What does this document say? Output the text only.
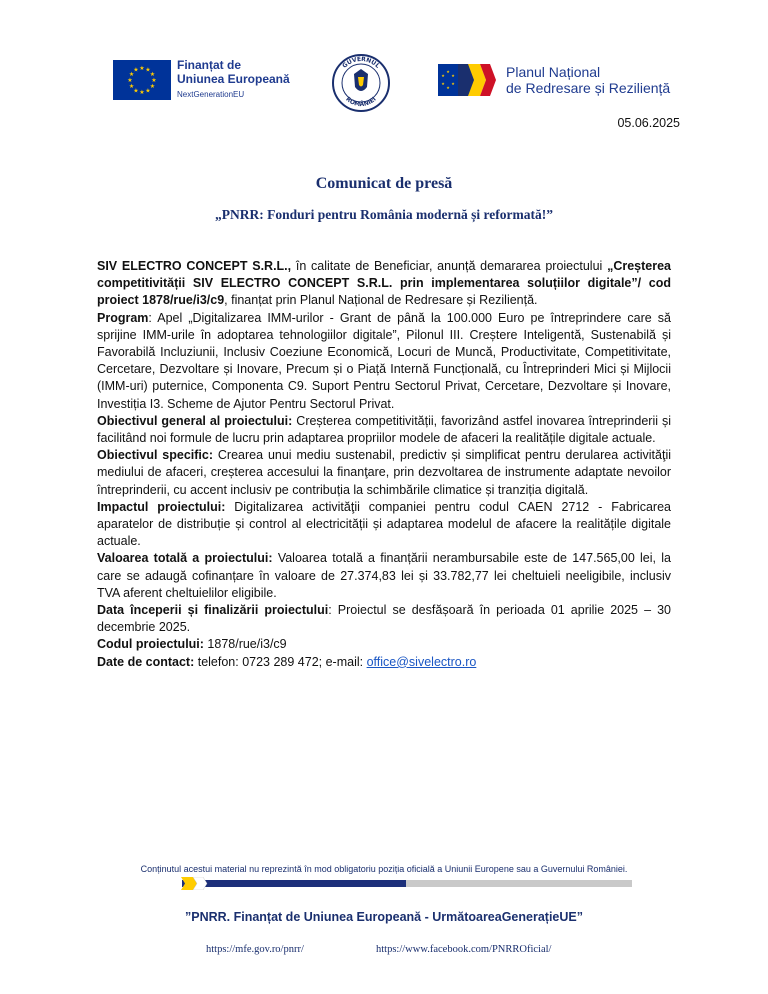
★ ★
★
★
★
★
★
★
★
★
★
★	Finanțat de
Uniunea Europeană
NextGenerationEU
GUVERNUL
ROMÂNIEI
★
★
★
★
★
★	Planul Național
de Redresare și Reziliență
05.06.2025
Comunicat de presă
„PNRR: Fonduri pentru România modernă și reformată!”

SIV ELECTRO CONCEPT S.R.L., în calitate de Beneficiar, anunță demararea proiectului „Creșterea competitivității SIV ELECTRO CONCEPT S.R.L. prin implementarea soluțiilor digitale”/ cod proiect 1878/rue/i3/c9, finanțat prin Planul Național de Redresare și Reziliență.

Program: Apel „Digitalizarea IMM-urilor - Grant de până la 100.000 Euro pe întreprindere care să sprijine IMM-urile în adoptarea tehnologiilor digitale”, Pilonul III. Creștere Inteligentă, Sustenabilă și Favorabilă Incluziunii, Inclusiv Coeziune Economică, Locuri de Muncă, Productivitate, Competitivitate, Cercetare, Dezvoltare și Inovare, Precum și o Piață Internă Funcțională, cu Întreprinderi Mici și Mijlocii (IMM-uri) puternice, Componenta C9. Suport Pentru Sectorul Privat, Cercetare, Dezvoltare și Inovare, Investiția I3. Scheme de Ajutor Pentru Sectorul Privat.

Obiectivul general al proiectului: Creșterea competitivității, favorizând astfel inovarea întreprinderii și facilitând noi formule de lucru prin adaptarea propriilor modele de afaceri la realitățile digitale actuale.

Obiectivul specific: Crearea unui mediu sustenabil, predictiv și simplificat pentru derularea activităţii mediului de afaceri, creșterea accesului la finanţare, prin dezvoltarea de instrumente adaptate nevoilor întreprinderii, cu accent inclusiv pe contribuția la schimbările climatice și tranziția digitală.

Impactul proiectului: Digitalizarea activităţii companiei pentru codul CAEN 2712 - Fabricarea aparatelor de distribuție și control al electricității și adaptarea modelul de afacere la realitățile digitale actuale.

Valoarea totală a proiectului: Valoarea totală a finanțării nerambursabile este de 147.565,00 lei, la care se adaugă cofinanțare în valoare de 27.374,83 lei și 33.782,77 lei cheltuieli neeligibile, inclusiv TVA aferent cheltuielilor eligibile.

Data începerii și finalizării proiectului: Proiectul se desfășoară în perioada 01 aprilie 2025 – 30 decembrie 2025.

Codul proiectului: 1878/rue/i3/c9

Date de contact: telefon: 0723 289 472; e-mail: office@sivelectro.ro

Conținutul acestui material nu reprezintă în mod obligatoriu poziția oficială a Uniunii Europene sau a Guvernului României.
”PNRR. Finanțat de Uniunea Europeană - UrmătoareaGenerațieUE”
https://mfe.gov.ro/pnrr/	https://www.facebook.com/PNRROficial/
